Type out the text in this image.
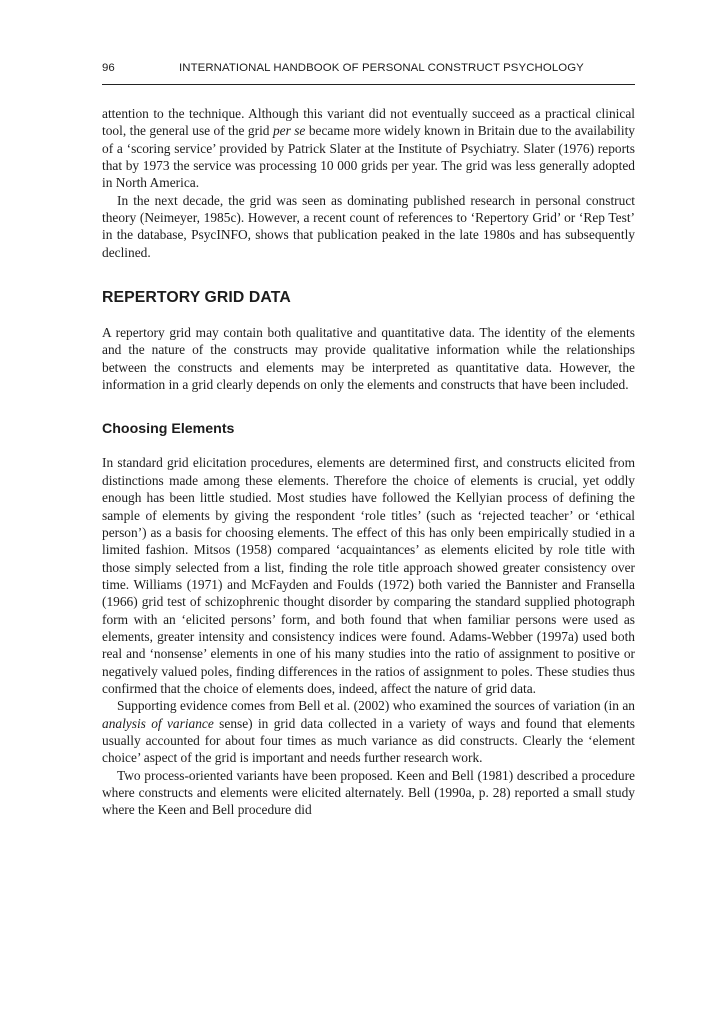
96	INTERNATIONAL HANDBOOK OF PERSONAL CONSTRUCT PSYCHOLOGY

attention to the technique. Although this variant did not eventually succeed as a practical clinical tool, the general use of the grid per se became more widely known in Britain due to the availability of a ‘scoring service’ provided by Patrick Slater at the Institute of Psychiatry. Slater (1976) reports that by 1973 the service was processing 10 000 grids per year. The grid was less generally adopted in North America.

In the next decade, the grid was seen as dominating published research in personal construct theory (Neimeyer, 1985c). However, a recent count of references to ‘Repertory Grid’ or ‘Rep Test’ in the database, PsycINFO, shows that publication peaked in the late 1980s and has subsequently declined.

REPERTORY GRID DATA

A repertory grid may contain both qualitative and quantitative data. The identity of the elements and the nature of the constructs may provide qualitative information while the relationships between the constructs and elements may be interpreted as quantitative data. However, the information in a grid clearly depends on only the elements and constructs that have been included.

Choosing Elements

In standard grid elicitation procedures, elements are determined first, and constructs elicited from distinctions made among these elements. Therefore the choice of elements is crucial, yet oddly enough has been little studied. Most studies have followed the Kellyian process of defining the sample of elements by giving the respondent ‘role titles’ (such as ‘rejected teacher’ or ‘ethical person’) as a basis for choosing elements. The effect of this has only been empirically studied in a limited fashion. Mitsos (1958) compared ‘acquaintances’ as elements elicited by role title with those simply selected from a list, finding the role title approach showed greater consistency over time. Williams (1971) and McFayden and Foulds (1972) both varied the Bannister and Fransella (1966) grid test of schizophrenic thought disorder by comparing the standard supplied photograph form with an ‘elicited persons’ form, and both found that when familiar persons were used as elements, greater intensity and consistency indices were found. Adams-Webber (1997a) used both real and ‘nonsense’ elements in one of his many studies into the ratio of assignment to positive or negatively valued poles, finding differences in the ratios of assignment to poles. These studies thus confirmed that the choice of elements does, indeed, affect the nature of grid data.

Supporting evidence comes from Bell et al. (2002) who examined the sources of variation (in an analysis of variance sense) in grid data collected in a variety of ways and found that elements usually accounted for about four times as much variance as did constructs. Clearly the ‘element choice’ aspect of the grid is important and needs further research work.

Two process-oriented variants have been proposed. Keen and Bell (1981) described a procedure where constructs and elements were elicited alternately. Bell (1990a, p. 28) reported a small study where the Keen and Bell procedure did
